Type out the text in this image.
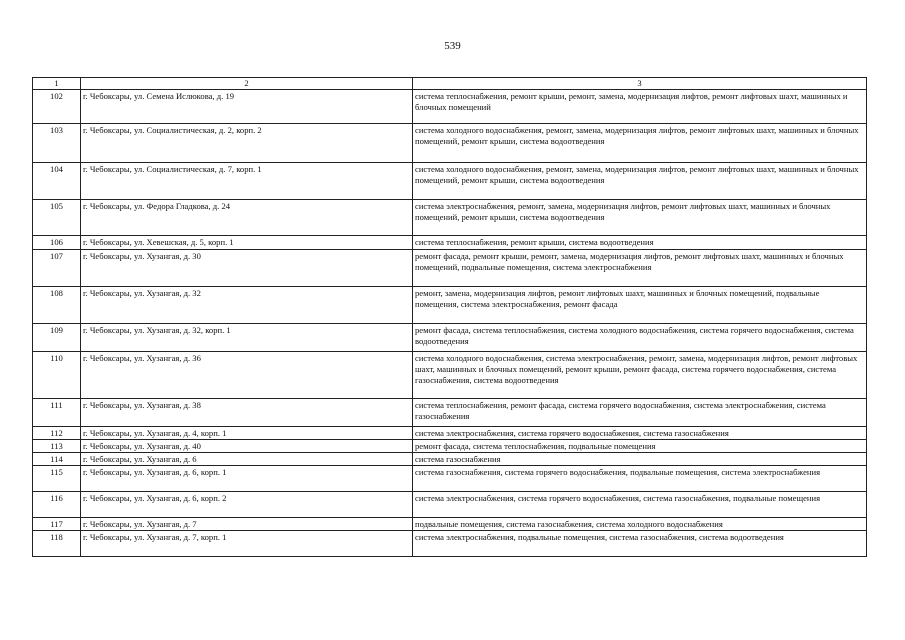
539
1	2	3
102	г. Чебоксары, ул. Семена Ислюкова, д. 19	система теплоснабжения, ремонт крыши, ремонт, замена, модернизация лифтов, ремонт лифтовых шахт, машинных и блочных помещений
103	г. Чебоксары, ул. Социалистическая, д. 2, корп. 2	система холодного водоснабжения, ремонт, замена, модернизация лифтов, ремонт лифтовых шахт, машинных и блочных помещений, ремонт крыши, система водоотведения
104	г. Чебоксары, ул. Социалистическая, д. 7, корп. 1	система холодного водоснабжения, ремонт, замена, модернизация лифтов, ремонт лифтовых шахт, машинных и блочных помещений, ремонт крыши, система водоотведения
105	г. Чебоксары, ул. Федора Гладкова, д. 24	система электроснабжения, ремонт, замена, модернизация лифтов, ремонт лифтовых шахт, машинных и блочных помещений, ремонт крыши, система водоотведения
106	г. Чебоксары, ул. Хевешская, д. 5, корп. 1	система теплоснабжения, ремонт крыши, система водоотведения
107	г. Чебоксары, ул. Хузангая, д. 30	ремонт фасада, ремонт крыши, ремонт, замена, модернизация лифтов, ремонт лифтовых шахт, машинных и блочных помещений, подвальные помещения, система электроснабжения
108	г. Чебоксары, ул. Хузангая, д. 32	ремонт, замена, модернизация лифтов, ремонт лифтовых шахт, машинных и блочных помещений, подвальные помещения, система электроснабжения, ремонт фасада
109	г. Чебоксары, ул. Хузангая, д. 32, корп. 1	ремонт фасада, система теплоснабжения, система холодного водоснабжения, система горячего водоснабжения, система водоотведения
110	г. Чебоксары, ул. Хузангая, д. 36	система холодного водоснабжения, система электроснабжения, ремонт, замена, модернизация лифтов, ремонт лифтовых шахт, машинных и блочных помещений, ремонт крыши, ремонт фасада, система горячего водоснабжения, система газоснабжения, система водоотведения
111	г. Чебоксары, ул. Хузангая, д. 38	система теплоснабжения, ремонт фасада, система горячего водоснабжения, система электроснабжения, система газоснабжения
112	г. Чебоксары, ул. Хузангая, д. 4, корп. 1	система электроснабжения, система горячего водоснабжения, система газоснабжения
113	г. Чебоксары, ул. Хузангая, д. 40	ремонт фасада, система теплоснабжения, подвальные помещения
114	г. Чебоксары, ул. Хузангая, д. 6	система газоснабжения
115	г. Чебоксары, ул. Хузангая, д. 6, корп. 1	система газоснабжения, система горячего водоснабжения, подвальные помещения, система электроснабжения
116	г. Чебоксары, ул. Хузангая, д. 6, корп. 2	система электроснабжения, система горячего водоснабжения, система газоснабжения, подвальные помещения
117	г. Чебоксары, ул. Хузангая, д. 7	подвальные помещения, система газоснабжения, система холодного водоснабжения
118	г. Чебоксары, ул. Хузангая, д. 7, корп. 1	система электроснабжения, подвальные помещения, система газоснабжения, система водоотведения
